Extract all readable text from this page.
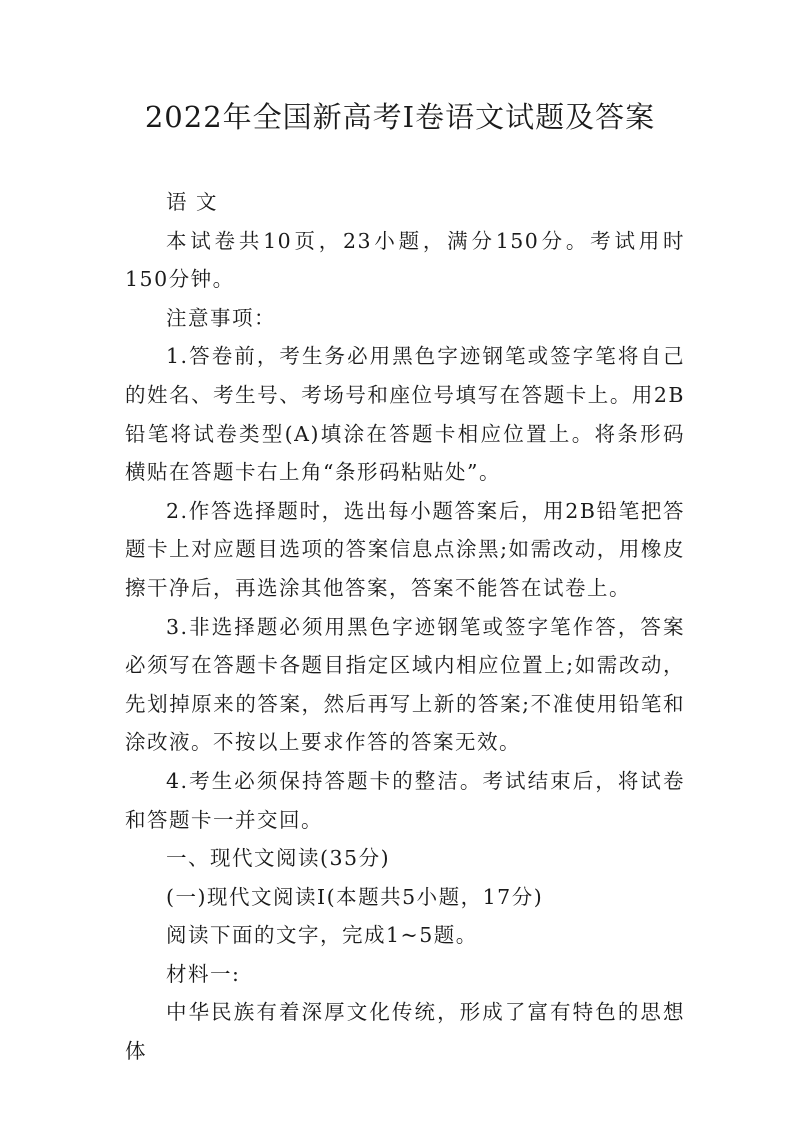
2022年全国新高考Ⅰ卷语文试题及答案

语 文

本试卷共10页，23小题，满分150分。考试用时150分钟。

注意事项：

1.答卷前，考生务必用黑色字迹钢笔或签字笔将自己的姓名、考生号、考场号和座位号填写在答题卡上。用2B铅笔将试卷类型(A)填涂在答题卡相应位置上。将条形码横贴在答题卡右上角“条形码粘贴处”。

2.作答选择题时，选出每小题答案后，用2B铅笔把答题卡上对应题目选项的答案信息点涂黑;如需改动，用橡皮擦干净后，再选涂其他答案，答案不能答在试卷上。

3.非选择题必须用黑色字迹钢笔或签字笔作答，答案必须写在答题卡各题目指定区域内相应位置上;如需改动，先划掉原来的答案，然后再写上新的答案;不准使用铅笔和涂改液。不按以上要求作答的答案无效。

4.考生必须保持答题卡的整洁。考试结束后，将试卷和答题卡一并交回。

一、现代文阅读(35分)

(一)现代文阅读Ⅰ(本题共5小题，17分)

阅读下面的文字，完成1~5题。

材料一:

中华民族有着深厚文化传统，形成了富有特色的思想体
